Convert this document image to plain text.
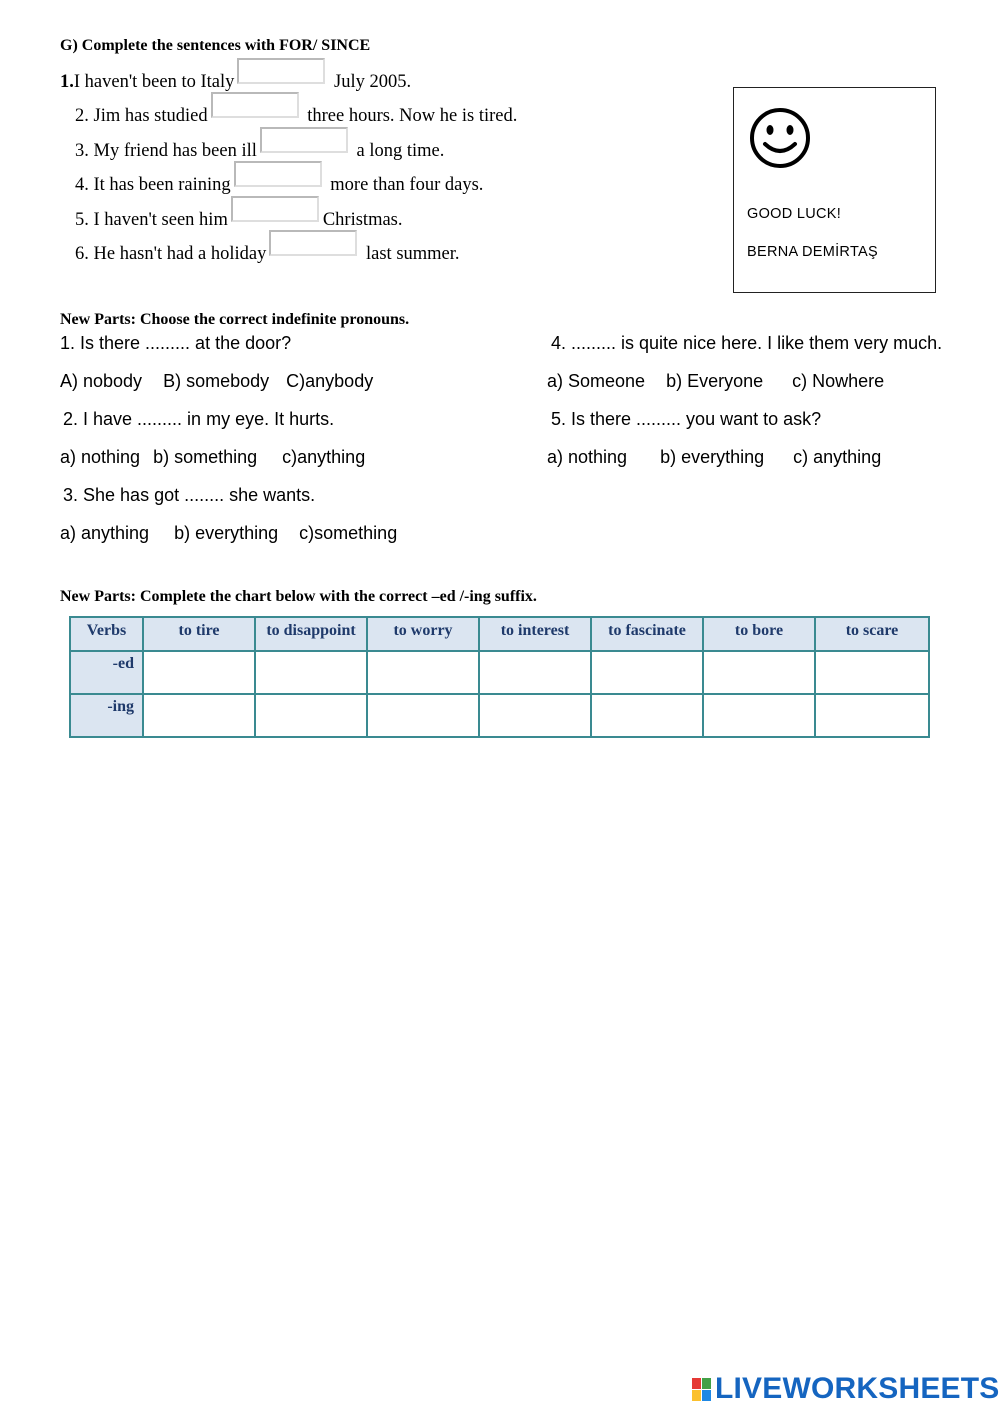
G) Complete the sentences with FOR/ SINCE
1.I haven't been to Italy	July 2005.
2. Jim has studied	three hours. Now he is tired.
3. My friend has been ill	a long time.
4. It has been raining	more than four days.
5. I haven't seen him	Christmas.
6. He hasn't had a holiday	last summer.
GOOD LUCK!
BERNA DEMİRTAŞ
New Parts: Choose the correct indefinite pronouns.
1. Is there ......... at the door?
A) nobody B) somebody C)anybody
2. I have ......... in my eye. It hurts.
a) nothing b) something c)anything
3. She has got ........ she wants.
a) anything b) everything c)something
4. ......... is quite nice here. I like them very much.
a) Someone b) Everyone c) Nowhere
5. Is there ......... you want to ask?
a) nothing b) everything c) anything
New Parts: Complete the chart below with the correct –ed /-ing suffix.
Verbs	to tire	to disappoint	to worry	to interest	to fascinate	to bore	to scare
-ed							
-ing							
LIVEWORKSHEETS
